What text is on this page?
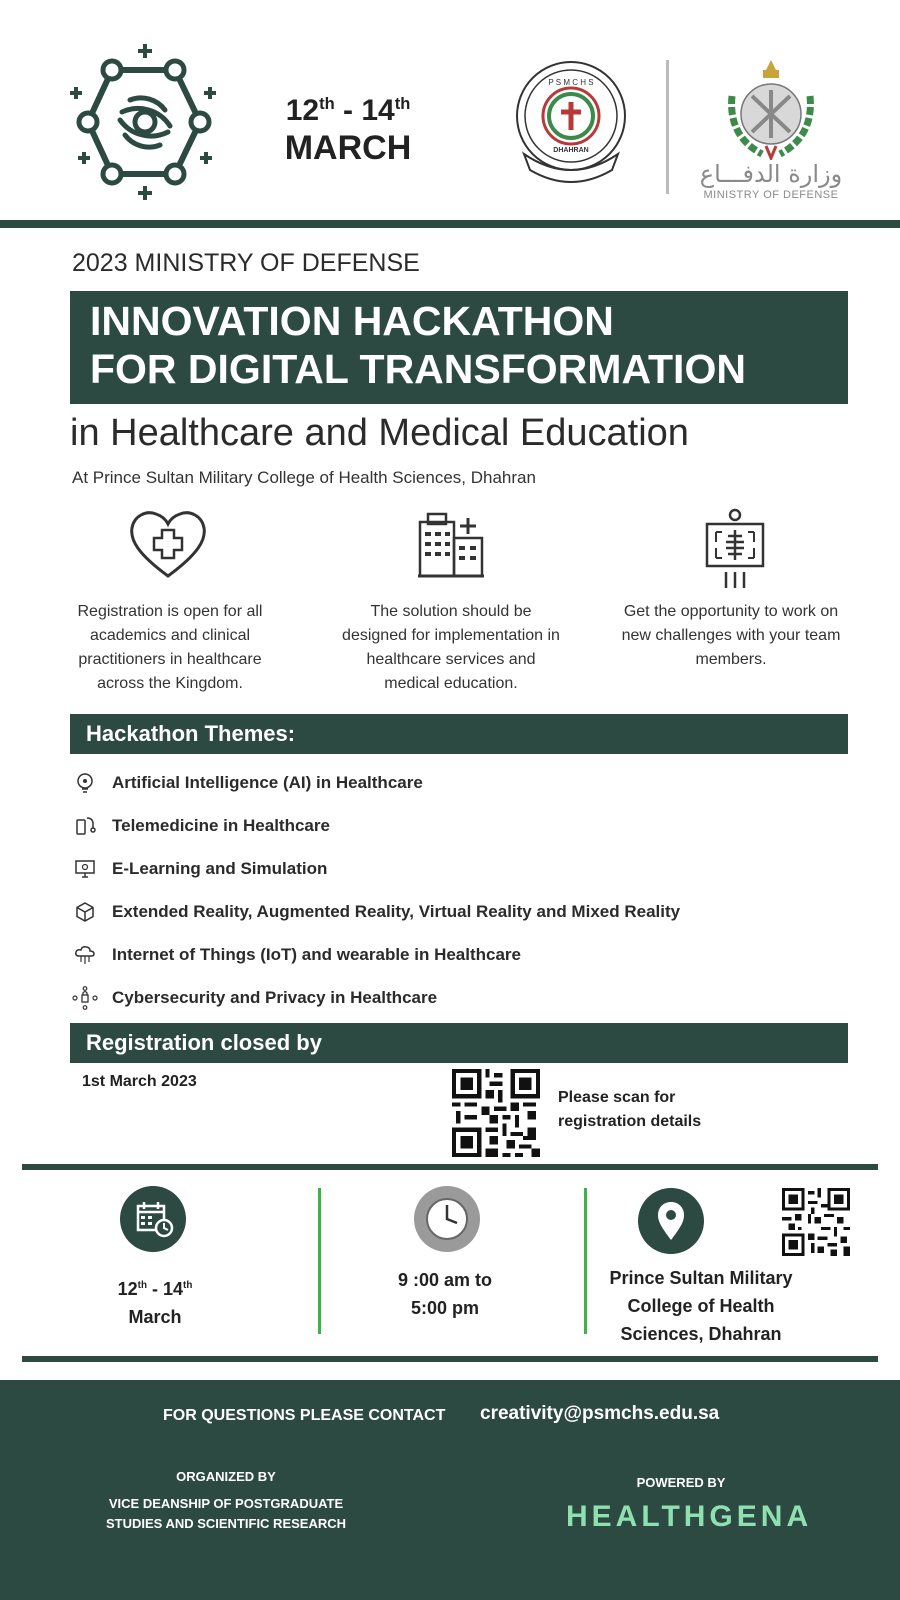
12th - 14th
MARCH
P S M C H S
DHAHRAN
وزارة الدفـــاع
MINISTRY OF DEFENSE
2023 MINISTRY OF DEFENSE
INNOVATION HACKATHON
FOR DIGITAL TRANSFORMATION
in Healthcare and Medical Education
At Prince Sultan Military College of Health Sciences, Dhahran
Registration is open for all academics and clinical practitioners in healthcare across the Kingdom.
The solution should be designed for implementation in healthcare services and medical education.
Get the opportunity to work on new challenges with your team members.
Hackathon Themes:
Artificial Intelligence (AI) in Healthcare
Telemedicine in Healthcare
E-Learning and Simulation
Extended Reality, Augmented Reality, Virtual Reality and Mixed Reality
Internet of Things (IoT) and wearable in Healthcare
Cybersecurity and Privacy in Healthcare
Registration closed by
1st March 2023
Please scan for registration details
12th - 14th
March
9 :00 am to
5:00 pm
Prince Sultan Military
College of Health
Sciences, Dhahran
FOR QUESTIONS PLEASE CONTACT creativity@psmchs.edu.sa
ORGANIZED BY
VICE DEANSHIP OF POSTGRADUATE
STUDIES AND SCIENTIFIC RESEARCH
POWERED BY
HEALTHGENA
